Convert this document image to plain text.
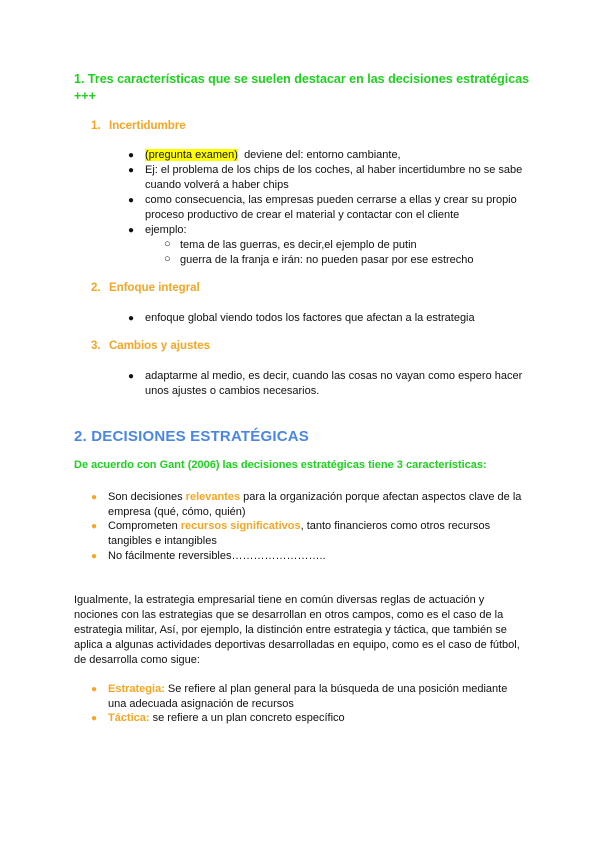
1. Tres características que se suelen destacar en las decisiones estratégicas
+++
1. Incertidumbre
● (pregunta examen)  deviene del: entorno cambiante,
● Ej: el problema de los chips de los coches, al haber incertidumbre no se sabe
cuando volverá a haber chips
● como consecuencia, las empresas pueden cerrarse a ellas y crear su propio
proceso productivo de crear el material y contactar con el cliente
● ejemplo:
○ tema de las guerras, es decir,el ejemplo de putin
○ guerra de la franja e irán: no pueden pasar por ese estrecho
2. Enfoque integral
● enfoque global viendo todos los factores que afectan a la estrategia
3. Cambios y ajustes
● adaptarme al medio, es decir, cuando las cosas no vayan como espero hacer
unos ajustes o cambios necesarios.
2. DECISIONES ESTRATÉGICAS
De acuerdo con Gant (2006) las decisiones estratégicas tiene 3 características:
● Son decisiones relevantes para la organización porque afectan aspectos clave de la
empresa (qué, cómo, quién)
● Comprometen recursos significativos, tanto financieros como otros recursos
tangibles e intangibles
● No fácilmente reversibles……………………..
Igualmente, la estrategia empresarial tiene en común diversas reglas de actuación y
nociones con las estrategias que se desarrollan en otros campos, como es el caso de la
estrategia militar, Así, por ejemplo, la distinción entre estrategia y táctica, que también se
aplica a algunas actividades deportivas desarrolladas en equipo, como es el caso de fútbol,
de desarrolla como sigue:
● Estrategia: Se refiere al plan general para la búsqueda de una posición mediante
una adecuada asignación de recursos
● Táctica: se refiere a un plan concreto específico
